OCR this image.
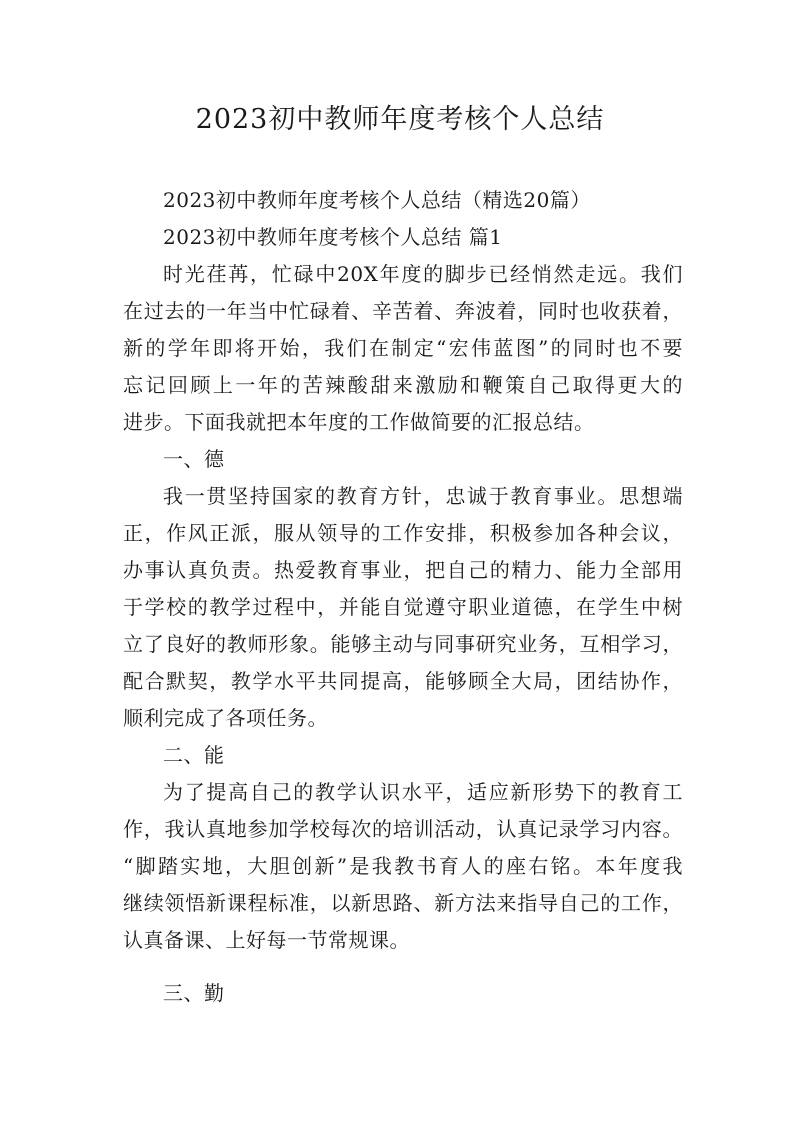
2023初中教师年度考核个人总结
2023初中教师年度考核个人总结（精选20篇）
2023初中教师年度考核个人总结 篇1
时光荏苒，忙碌中20X年度的脚步已经悄然走远。我们
在过去的一年当中忙碌着、辛苦着、奔波着，同时也收获着，
新的学年即将开始，我们在制定“宏伟蓝图”的同时也不要
忘记回顾上一年的苦辣酸甜来激励和鞭策自己取得更大的
进步。下面我就把本年度的工作做简要的汇报总结。
一、德
我一贯坚持国家的教育方针，忠诚于教育事业。思想端
正，作风正派，服从领导的工作安排，积极参加各种会议，
办事认真负责。热爱教育事业，把自己的精力、能力全部用
于学校的教学过程中，并能自觉遵守职业道德，在学生中树
立了良好的教师形象。能够主动与同事研究业务，互相学习，
配合默契，教学水平共同提高，能够顾全大局，团结协作，
顺利完成了各项任务。
二、能
为了提高自己的教学认识水平，适应新形势下的教育工
作，我认真地参加学校每次的培训活动，认真记录学习内容。
“脚踏实地，大胆创新”是我教书育人的座右铭。本年度我
继续领悟新课程标准，以新思路、新方法来指导自己的工作，
认真备课、上好每一节常规课。
三、勤
